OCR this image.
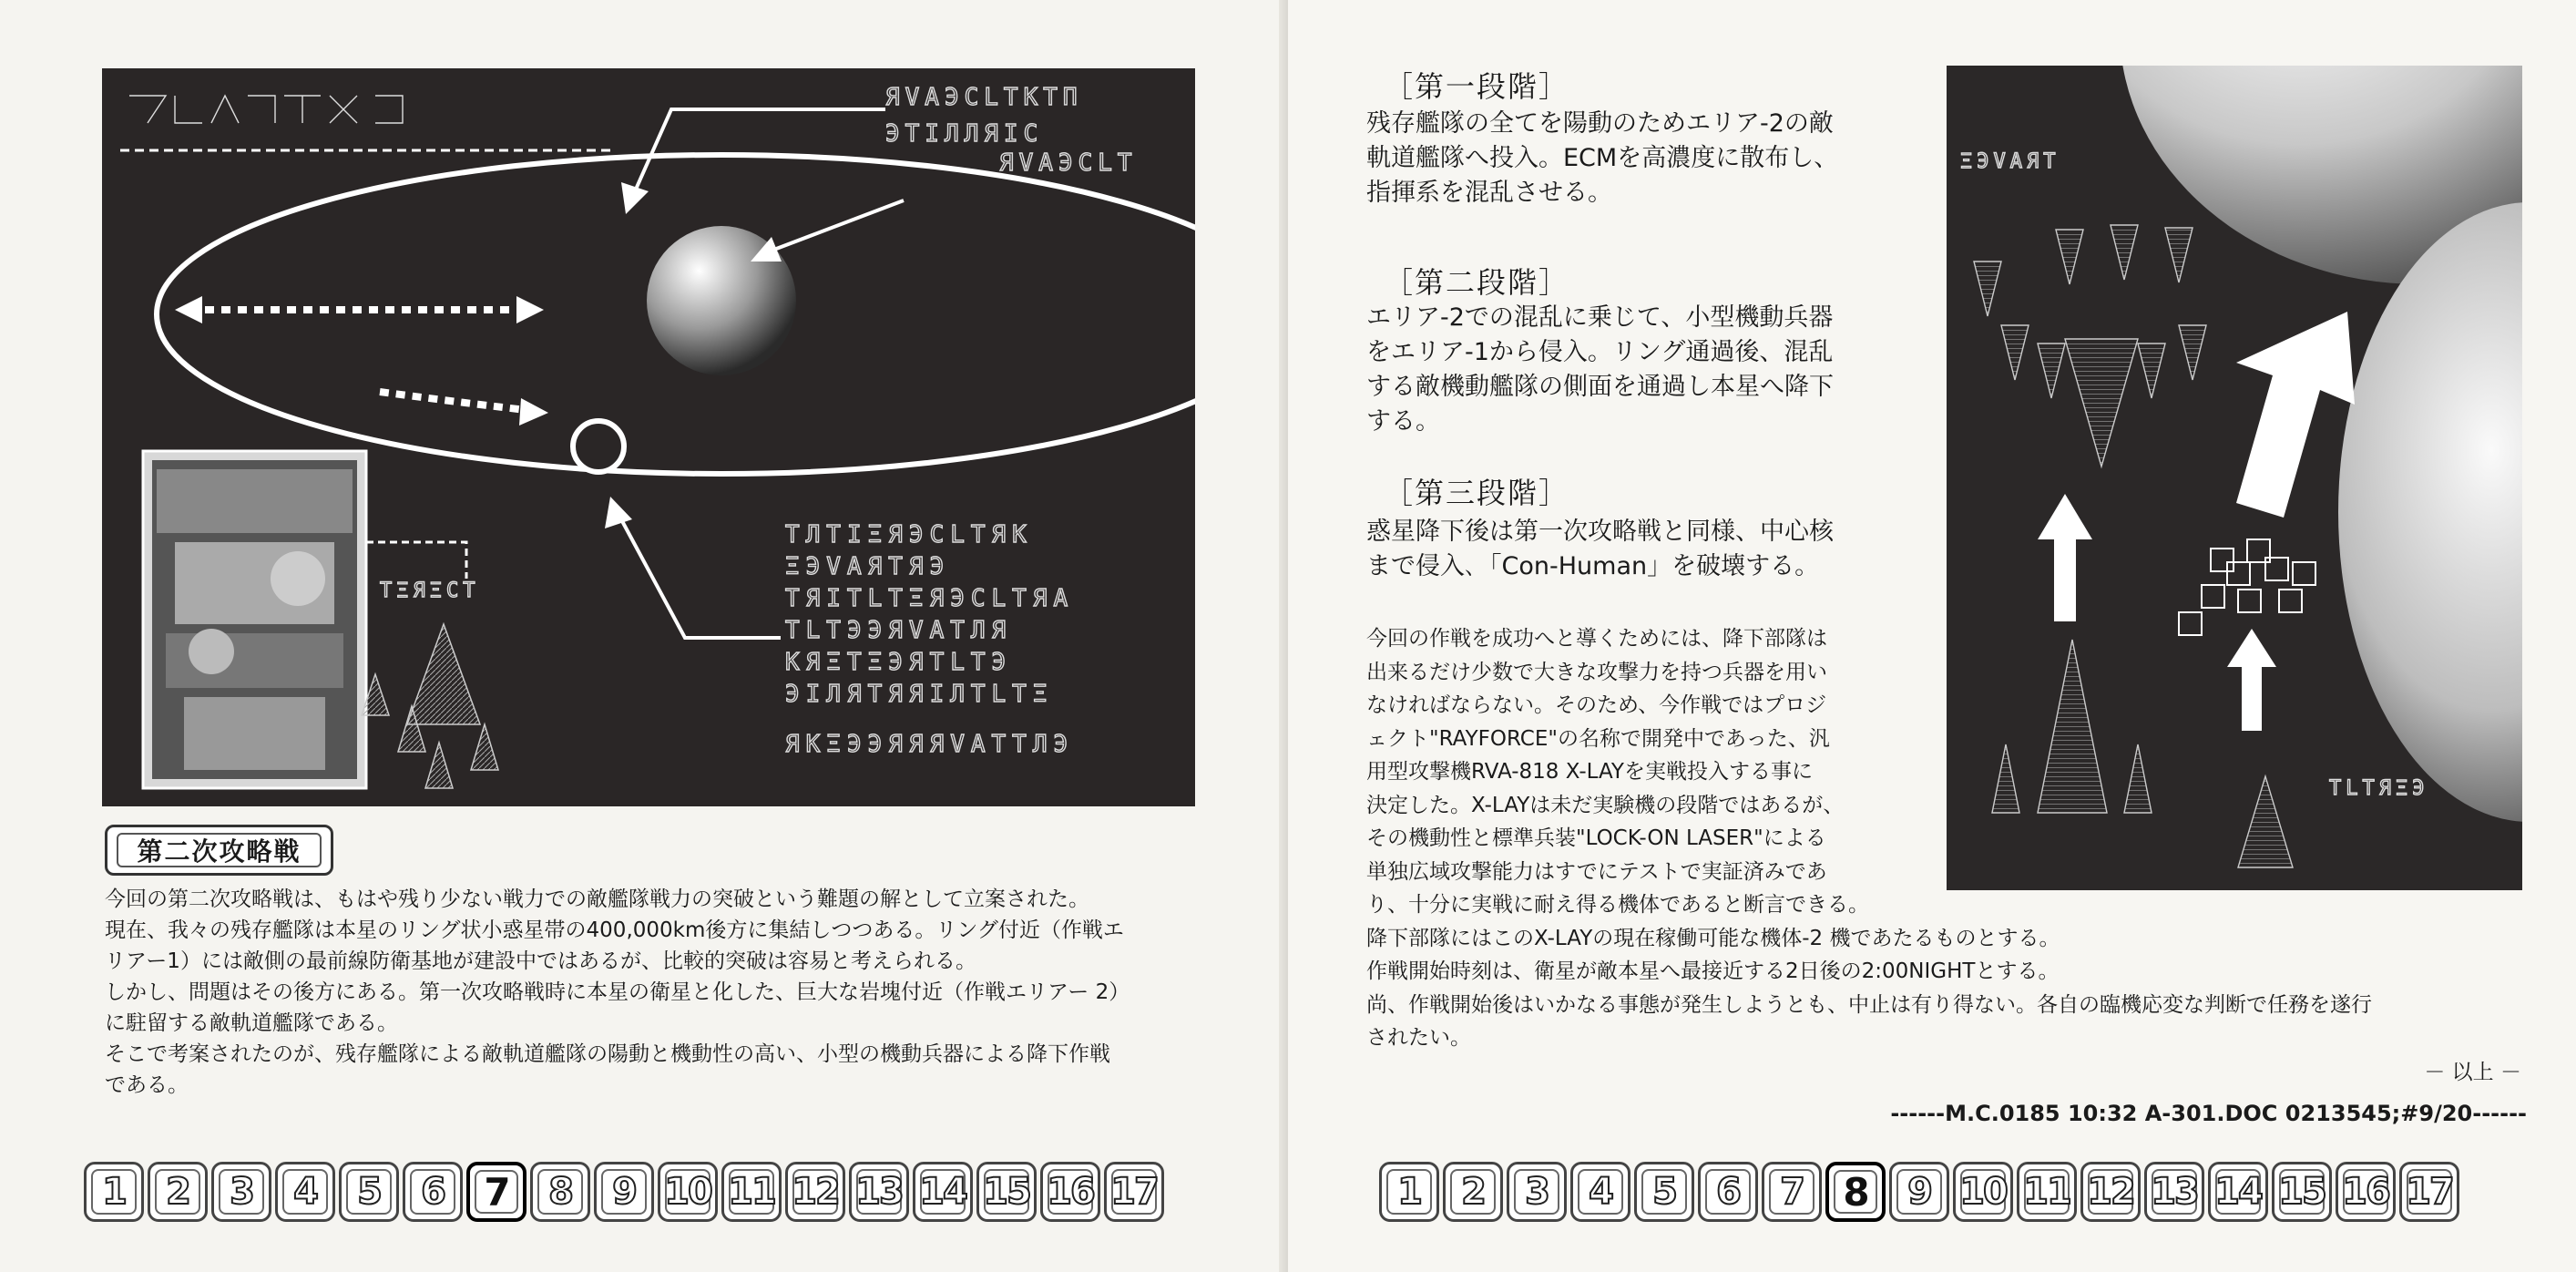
ЯVAЭCLTKТΠ
ЭTIЛЛЯIC
ЯVAЭCLT
TЛTIΞЯЭCLTЯK
ΞЭVAЯTЯЭ
TЯITLTΞЯЭCLTЯA
TLTЭЭЯVATЛЯ
KЯΞTΞЭЯTLTЭ
ЭIЛЯTЯЯIЛTLTΞ
ЯKΞЭЭЯЯЯVATTЛЭ
TΞЯΞCT
第二次攻略戦
今回の第二次攻略戦は、もはや残り少ない戦力での敵艦隊戦力の突破という難題の解として立案された。
現在、我々の残存艦隊は本星のリング状小惑星帯の400,000km後方に集結しつつある。リング付近（作戦エ
リアー1）には敵側の最前線防衛基地が建設中ではあるが、比較的突破は容易と考えられる。
しかし、問題はその後方にある。第一次攻略戦時に本星の衛星と化した、巨大な岩塊付近（作戦エリアー 2）
に駐留する敵軌道艦隊である。
そこで考案されたのが、残存艦隊による敵軌道艦隊の陽動と機動性の高い、小型の機動兵器による降下作戦
である。
1 2 3 4 5 6 7 8 9 10 11 12 13 14 15 16 17
［第一段階］
残存艦隊の全てを陽動のためエリア-2の敵
軌道艦隊へ投入。ECMを高濃度に散布し、
指揮系を混乱させる。
［第二段階］
エリア-2での混乱に乗じて、小型機動兵器
をエリア-1から侵入。リング通過後、混乱
する敵機動艦隊の側面を通過し本星へ降下
する。
［第三段階］
惑星降下後は第一次攻略戦と同様、中心核
まで侵入､「Con-Human」を破壊する。
今回の作戦を成功へと導くためには、降下部隊は
出来るだけ少数で大きな攻撃力を持つ兵器を用い
なければならない。そのため、今作戦ではプロジ
ェクト"RAYFORCE"の名称で開発中であった、汎
用型攻撃機RVA-818 X-LAYを実戦投入する事に
決定した。X-LAYは未だ実験機の段階ではあるが、
その機動性と標準兵装"LOCK-ON LASER"による
単独広域攻撃能力はすでにテストで実証済みであ
り、十分に実戦に耐え得る機体であると断言できる。
降下部隊にはこのX-LAYの現在稼働可能な機体-2 機であたるものとする。
作戦開始時刻は、衛星が敵本星へ最接近する2日後の2:00NIGHTとする。
尚、作戦開始後はいかなる事態が発生しようとも、中止は有り得ない。各自の臨機応変な判断で任務を遂行
されたい。
－ 以上 －
------M.C.0185 10:32 A-301.DOC 0213545;#9/20------
ΞЭVAЯT
TLTЯΞЭ
1 2 3 4 5 6 7 8 9 10 11 12 13 14 15 16 17
